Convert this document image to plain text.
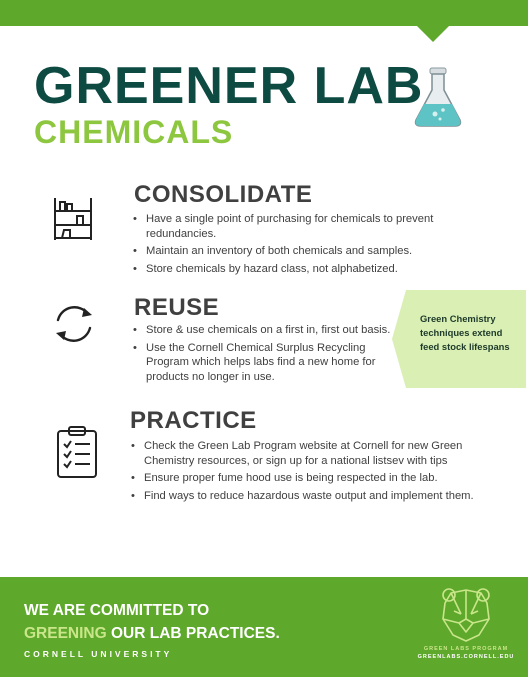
GREENER LAB
CHEMICALS
CONSOLIDATE
• Have a single point of purchasing for chemicals to prevent redundancies.
• Maintain an inventory of both chemicals and samples.
• Store chemicals by hazard class, not alphabetized.
REUSE
• Store & use chemicals on a first in, first out basis.
• Use the Cornell Chemical Surplus Recycling Program which helps labs find a new home for products no longer in use.
Green Chemistry techniques extend feed stock lifespans
PRACTICE
• Check the Green Lab Program website at Cornell for new Green Chemistry resources, or sign up for a national listsev with tips
• Ensure proper fume hood use is being respected in the lab.
• Find ways to reduce hazardous waste output and implement them.
WE ARE COMMITTED TO
GREENING OUR LAB PRACTICES.
CORNELL UNIVERSITY	GREEN LABS PROGRAM
GREENLABS.CORNELL.EDU
